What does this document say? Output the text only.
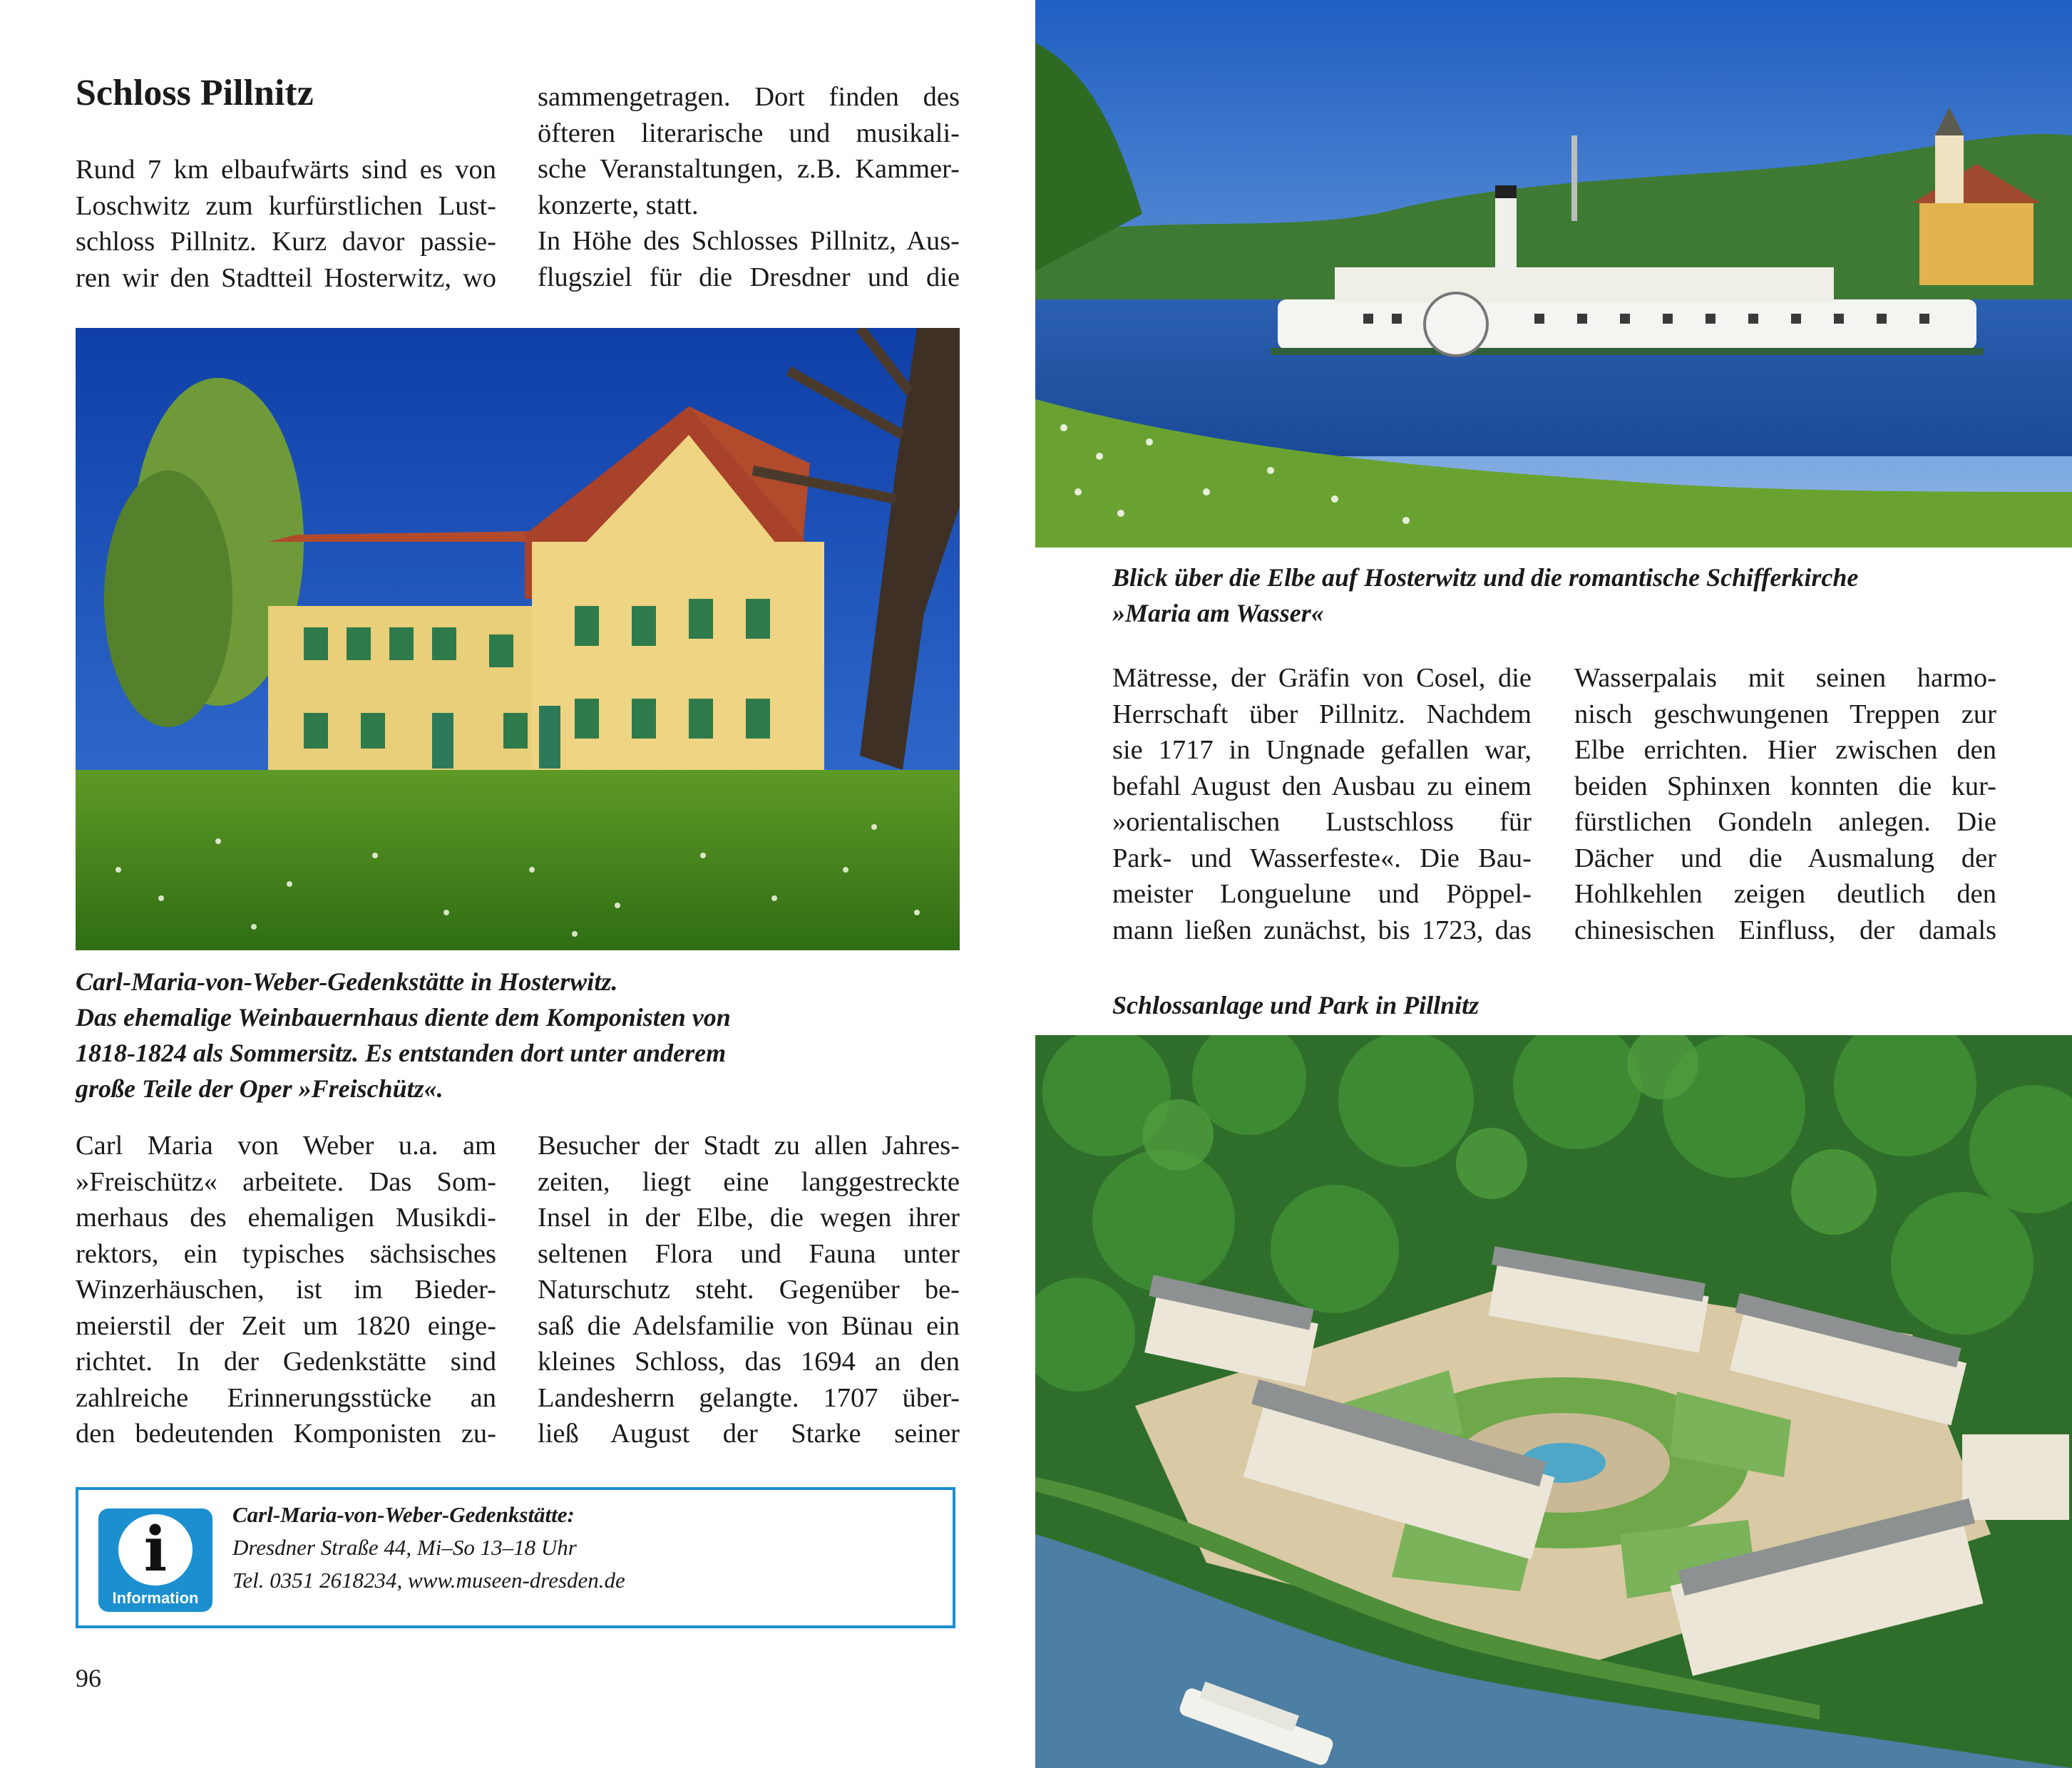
Schloss Pillnitz
Rund 7 km elbaufwärts sind es von
Loschwitz zum kurfürstlichen Lust-
schloss Pillnitz. Kurz davor passie-
ren wir den Stadtteil Hosterwitz, wo
sammengetragen. Dort finden des
öfteren literarische und musikali-
sche Veranstaltungen, z.B. Kammer-
konzerte, statt.
In Höhe des Schlosses Pillnitz, Aus-
flugsziel für die Dresdner und die
Carl-Maria-von-Weber-Gedenkstätte in Hosterwitz.
Das ehemalige Weinbauernhaus diente dem Komponisten von
1818-1824 als Sommersitz. Es entstanden dort unter anderem
große Teile der Oper »Freischütz«.
Carl Maria von Weber u.a. am
»Freischütz« arbeitete. Das Som-
merhaus des ehemaligen Musikdi-
rektors, ein typisches sächsisches
Winzerhäuschen, ist im Bieder-
meierstil der Zeit um 1820 einge-
richtet. In der Gedenkstätte sind
zahlreiche Erinnerungsstücke an
den bedeutenden Komponisten zu-
Besucher der Stadt zu allen Jahres-
zeiten, liegt eine langgestreckte
Insel in der Elbe, die wegen ihrer
seltenen Flora und Fauna unter
Naturschutz steht. Gegenüber be-
saß die Adelsfamilie von Bünau ein
kleines Schloss, das 1694 an den
Landesherrn gelangte. 1707 über-
ließ August der Starke seiner
i
Information
Carl-Maria-von-Weber-Gedenkstätte:
Dresdner Straße 44, Mi–So 13–18 Uhr
Tel. 0351 2618234, www.museen-dresden.de
96
Blick über die Elbe auf Hosterwitz und die romantische Schifferkirche
»Maria am Wasser«
Mätresse, der Gräfin von Cosel, die
Herrschaft über Pillnitz. Nachdem
sie 1717 in Ungnade gefallen war,
befahl August den Ausbau zu einem
»orientalischen Lustschloss für
Park- und Wasserfeste«. Die Bau-
meister Longuelune und Pöppel-
mann ließen zunächst, bis 1723, das
Wasserpalais mit seinen harmo-
nisch geschwungenen Treppen zur
Elbe errichten. Hier zwischen den
beiden Sphinxen konnten die kur-
fürstlichen Gondeln anlegen. Die
Dächer und die Ausmalung der
Hohlkehlen zeigen deutlich den
chinesischen Einfluss, der damals
Schlossanlage und Park in Pillnitz
